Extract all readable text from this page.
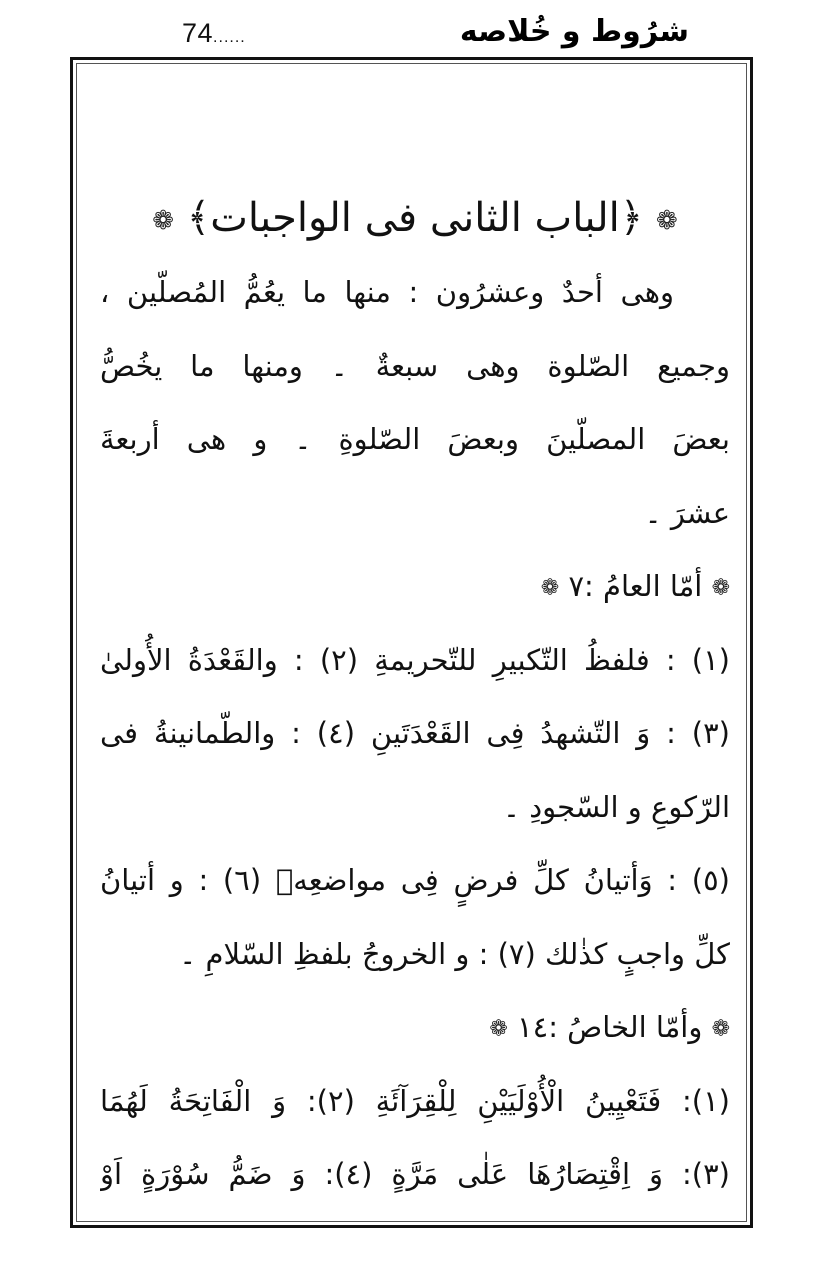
74......	شرُوط و خُلاصه
❁ ﴿الباب الثانى فى الواجبات﴾ ❁
وهى أحدٌ وعشرُون : منها ما يعُمُّ المُصلّين ،
وجميع الصّلوة وهى سبعةٌ ۔ ومنها ما يخُصُّ
بعضَ المصلّينَ وبعضَ الصّلوةِ ۔ و هى أربعةَ
عشرَ ۔
❁ أمّا العامُ :٧ ❁
(١) : فلفظُ التّكبيرِ للتّحريمةِ (٢) : والقَعْدَةُ الأُولىٰ
(٣) : وَ التّشهدُ فِى القَعْدَتَينِ (٤) : والطّمانينةُ فى
الرّكوعِ و السّجودِ ۔
(٥) : وَأتيانُ كلِّ فرضٍ فِى مواضعِهٖ (٦) : و أتيانُ
كلِّ واجبٍ كذٰلك (٧) : و الخروجُ بلفظِ السّلامِ ۔
❁ وأمّا الخاصُ :١٤ ❁
(١): فَتَعْيِينُ الْأُوْلَيَيْنِ لِلْقِرَآئَةِ (٢): وَ الْفَاتِحَةُ لَهُمَا
(٣): وَ اِقْتِصَارُهَا عَلٰى مَرَّةٍ (٤): وَ ضَمُّ سُوْرَةٍ اَوْ
